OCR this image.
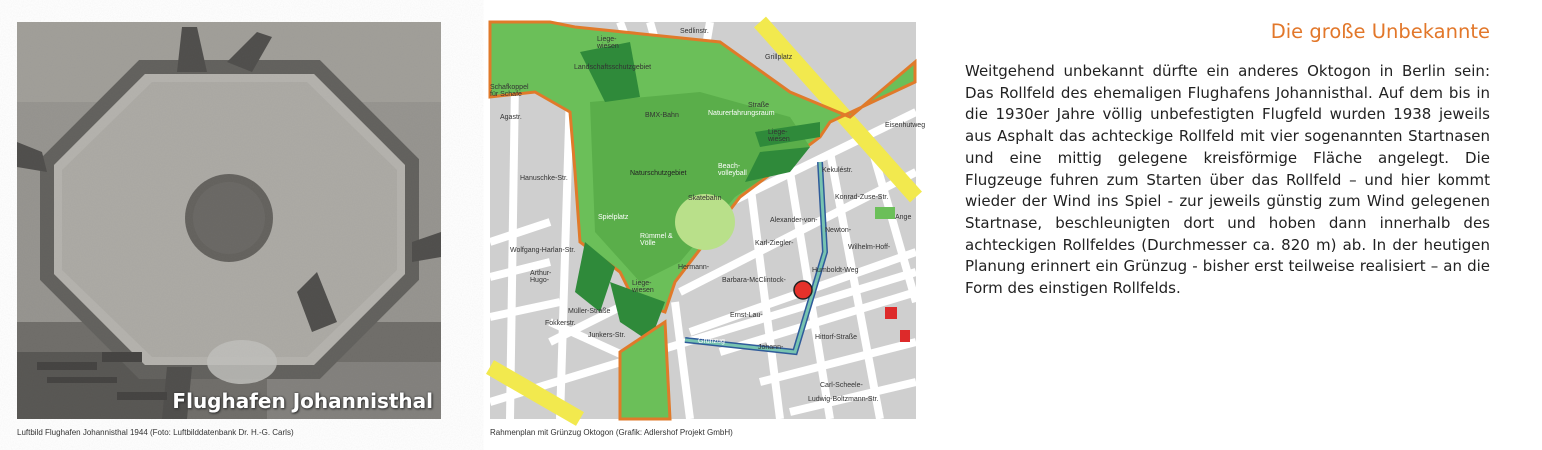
Flughafen Johannisthal
Luftbild Flughafen Johannisthal 1944 (Foto: Luftbilddatenbank Dr. H.-G. Carls)
Liege-
wiesen
Landschaftsschutzgebiet
Schafkoppel
für Schafe
BMX-Bahn	Naturerfahrungsraum
Grillplatz
Straße
Liege-
wiesen
Naturschutzgebiet
Beach-
volleyball
Skatebahn
Spielplatz
Rümmel &
Völle
Liege-
wiesen
Grünzug
Hanuschke-Str.
Wolfgang-Harlan-Str.
Arthur-
Hugo-
Fokkerstr.
Müller-Straße
Junkers-Str.
Hermann-
Johann-
Carl-Scheele-
Ludwig-Boltzmann-Str.
Hittorf-Straße
Humboldt-Weg
Ernst-Lau-
Barbara-McClintock-
Karl-Ziegler-
Alexander-von-
Newton-
Wilhelm-Hoff-
Konrad-Zuse-Str.
Kekuléstr.
Agastr.
Eisenhutweg
Sedlinstr.
Ange
Rahmenplan mit Grünzug Oktogon (Grafik: Adlershof Projekt GmbH)
Die große Unbekannte

Weitgehend unbekannt dürfte ein anderes Oktogon in Berlin sein: Das Rollfeld des ehemaligen Flughafens Johannisthal. Auf dem bis in die 1930er Jahre völlig unbefestigten Flugfeld wurden 1938 jeweils aus Asphalt das achteckige Rollfeld mit vier sogenannten Startnasen und eine mittig gelegene kreisförmige Fläche angelegt. Die Flugzeuge fuhren zum Starten über das Rollfeld – und hier kommt wieder der Wind ins Spiel - zur jeweils günstig zum Wind gelegenen Startnase, beschleunigten dort und hoben dann innerhalb des achteckigen Rollfeldes (Durchmesser ca. 820 m) ab. In der heutigen Planung erinnert ein Grünzug - bisher erst teilweise realisiert – an die Form des einstigen Rollfelds.
